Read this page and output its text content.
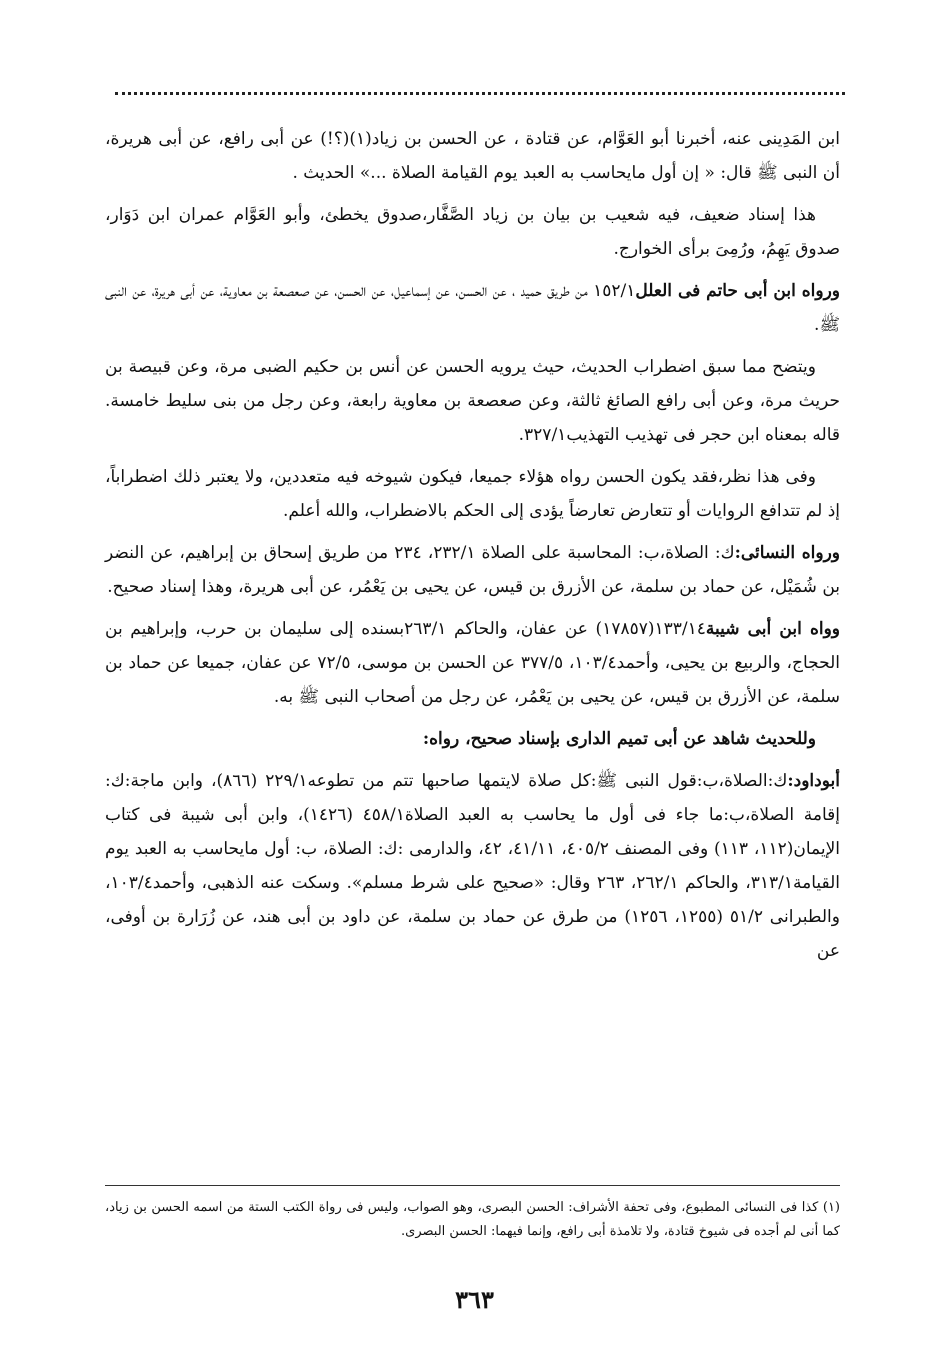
ابن المَدِينى عنه، أخبرنا أبو العَوَّام، عن قتادة ، عن الحسن بن زياد(١)(؟!) عن أبى رافع، عن أبى هريرة، أن النبى ﷺ قال: « إن أول مايحاسب به العبد يوم القيامة الصلاة ...» الحديث .

هذا إسناد ضعيف، فيه شعيب بن بيان بن زياد الصَّفَّار،صدوق يخطئ، وأبو العَوَّام عمران ابن دَوَار، صدوق يَهِمُ، ورُمِىَ برأى الخوارج.

ورواه ابن أبى حاتم فى العلل١٥٢/١ من طريق حميد ، عن الحسن، عن إسماعيل، عن الحسن، عن صعصعة بن معاوية، عن أبى هريرة، عن النبى ﷺ.

ويتضح مما سبق اضطراب الحديث، حيث يرويه الحسن عن أنس بن حكيم الضبى مرة، وعن قبيصة بن حريث مرة، وعن أبى رافع الصائغ ثالثة، وعن صعصعة بن معاوية رابعة، وعن رجل من بنى سليط خامسة. قاله بمعناه ابن حجر فى تهذيب التهذيب٣٢٧/١.

وفى هذا نظر،فقد يكون الحسن رواه هؤلاء جميعا، فيكون شيوخه فيه متعددين، ولا يعتبر ذلك اضطراباً، إذ لم تتدافع الروايات أو تتعارض تعارضاً يؤدى إلى الحكم بالاضطراب، والله أعلم.

ورواه النسائى:ك: الصلاة،ب: المحاسبة على الصلاة ٢٣٢/١، ٢٣٤ من طريق إسحاق بن إبراهيم، عن النضر بن شُمَيْل، عن حماد بن سلمة، عن الأزرق بن قيس، عن يحيى بن يَعْمُر، عن أبى هريرة، وهذا إسناد صحيح.

وواه ابن أبى شيبة١٣٣/١٤(١٧٨٥٧) عن عفان، والحاكم ٢٦٣/١بسنده إلى سليمان بن حرب، وإبراهيم بن الحجاج، والربيع بن يحيى، وأحمد١٠٣/٤، ٣٧٧/٥ عن الحسن بن موسى، ٧٢/٥ عن عفان، جميعا عن حماد بن سلمة، عن الأزرق بن قيس، عن يحيى بن يَعْمُر، عن رجل من أصحاب النبى ﷺ به.

وللحديث شاهد عن أبى تميم الدارى بإسناد صحيح، رواه:

أبوداود:ك:الصلاة،ب:قول النبى ﷺ:كل صلاة لايتمها صاحبها تتم من تطوعه٢٢٩/١ (٨٦٦)، وابن ماجة:ك: إقامة الصلاة،ب:ما جاء فى أول ما يحاسب به العبد الصلاة٤٥٨/١ (١٤٢٦)، وابن أبى شيبة فى كتاب الإيمان(١١٢، ١١٣) وفى المصنف ٤٠٥/٢، ٤١/١١، ٤٢، والدارمى :ك: الصلاة، ب: أول مايحاسب به العبد يوم القيامة٣١٣/١، والحاكم ٢٦٢/١، ٢٦٣ وقال: «صحيح على شرط مسلم». وسكت عنه الذهبى، وأحمد١٠٣/٤، والطبرانى ٥١/٢ (١٢٥٥، ١٢٥٦) من طرق عن حماد بن سلمة، عن داود بن أبى هند، عن زُرَارة بن أوفى، عن

(١) كذا فى النسائى المطبوع، وفى تحفة الأشراف: الحسن البصرى، وهو الصواب، وليس فى رواة الكتب الستة من اسمه الحسن بن زياد، كما أنى لم أجده فى شيوخ قتادة، ولا تلامذة أبى رافع، وإنما فيهما: الحسن البصرى.
٣٦٣
